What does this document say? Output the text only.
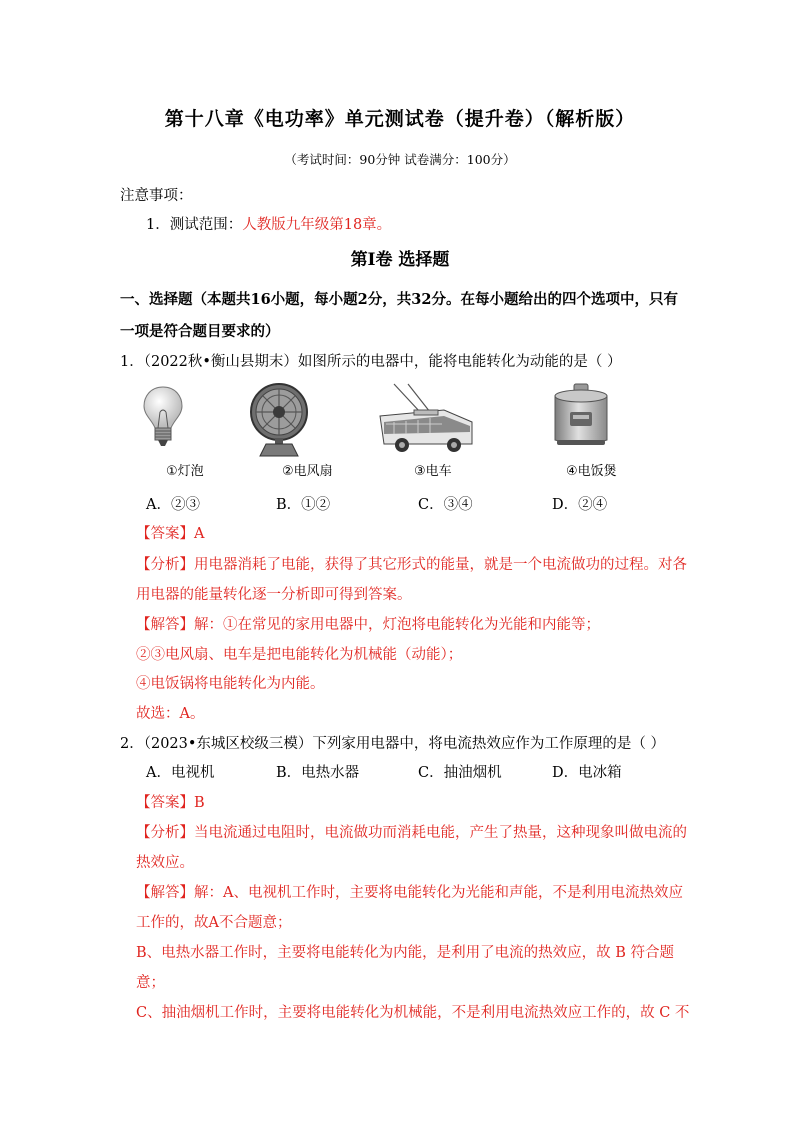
第十八章《电功率》单元测试卷（提升卷）（解析版）
（考试时间：90分钟 试卷满分：100分）
注意事项：
1．测试范围：人教版九年级第18章。
第Ⅰ卷 选择题
一、选择题（本题共16小题，每小题2分，共32分。在每小题给出的四个选项中，只有
一项是符合题目要求的）
1．（2022秋•衡山县期末）如图所示的电器中，能将电能转化为动能的是（ ）
①灯泡	②电风扇	③电车	④电饭煲
A．②③	B．①②	C．③④	D．②④
【答案】A
【分析】用电器消耗了电能，获得了其它形式的能量，就是一个电流做功的过程。对各
用电器的能量转化逐一分析即可得到答案。
【解答】解：①在常见的家用电器中，灯泡将电能转化为光能和内能等；
②③电风扇、电车是把电能转化为机械能（动能）；
④电饭锅将电能转化为内能。
故选：A。
2．（2023•东城区校级三模）下列家用电器中，将电流热效应作为工作原理的是（ ）
A．电视机	B．电热水器	C．抽油烟机	D．电冰箱
【答案】B
【分析】当电流通过电阻时，电流做功而消耗电能，产生了热量，这种现象叫做电流的
热效应。
【解答】解：A、电视机工作时，主要将电能转化为光能和声能，不是利用电流热效应
工作的，故A不合题意；
B、电热水器工作时，主要将电能转化为内能，是利用了电流的热效应，故 B 符合题
意；
C、抽油烟机工作时，主要将电能转化为机械能，不是利用电流热效应工作的，故 C 不
